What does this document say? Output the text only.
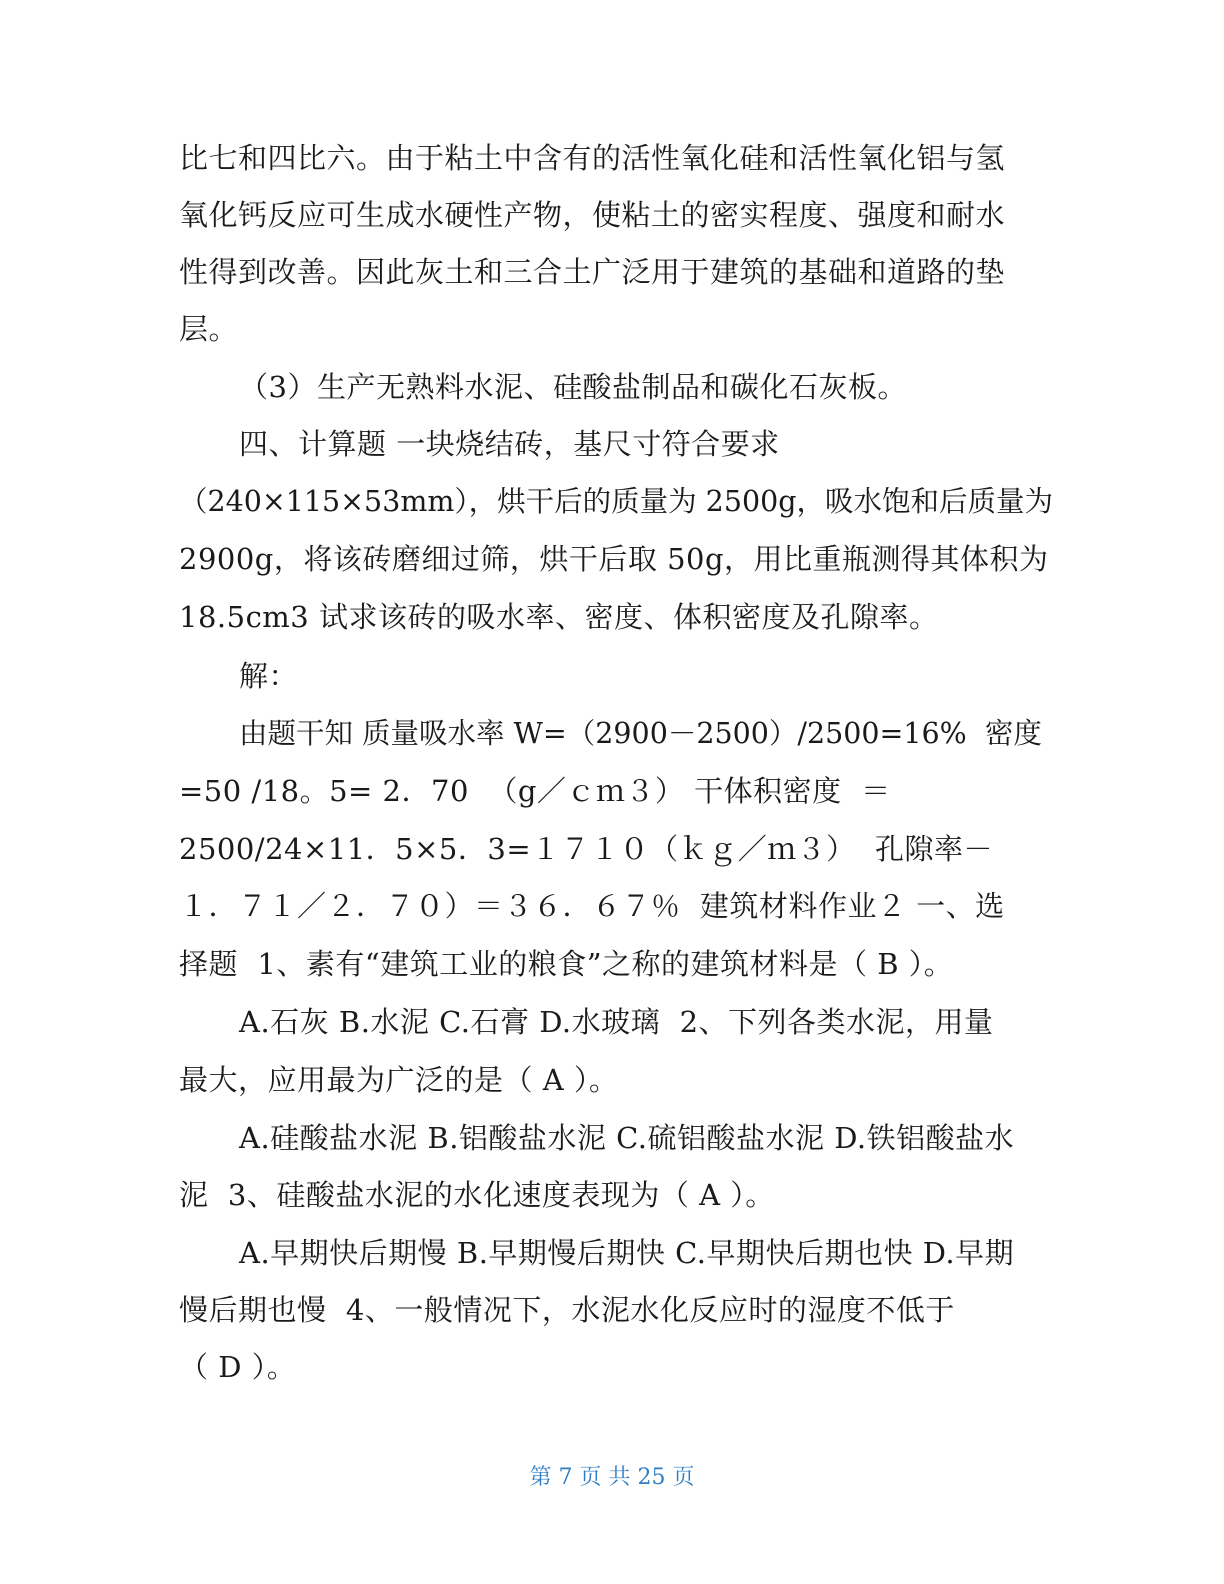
比七和四比六。由于粘土中含有的活性氧化硅和活性氧化铝与氢
氧化钙反应可生成水硬性产物，使粘土的密实程度、强度和耐水
性得到改善。因此灰土和三合土广泛用于建筑的基础和道路的垫
层。
（3）生产无熟料水泥、硅酸盐制品和碳化石灰板。
四、计算题 一块烧结砖，基尺寸符合要求
（240×115×53mm），烘干后的质量为 2500g，吸水饱和后质量为
2900g，将该砖磨细过筛，烘干后取 50g，用比重瓶测得其体积为
18.5cm3 试求该砖的吸水率、密度、体积密度及孔隙率。
解：
由题干知 质量吸水率 W=（2900－2500）/2500=16%  密度
=50 /18。5= 2．70  （g／ｃｍ３） 干体积密度  ＝
2500/24×11．5×5．3=１７１０（ｋｇ／ｍ３）  孔隙率－
１．７１／２．７０）＝３６．６７％  建筑材料作业２ 一、选
择题  1、素有“建筑工业的粮食”之称的建筑材料是（ B ）。
A.石灰 B.水泥 C.石膏 D.水玻璃  2、下列各类水泥，用量
最大，应用最为广泛的是（ A ）。
A.硅酸盐水泥 B.铝酸盐水泥 C.硫铝酸盐水泥 D.铁铝酸盐水
泥  3、硅酸盐水泥的水化速度表现为（ A ）。
A.早期快后期慢 B.早期慢后期快 C.早期快后期也快 D.早期
慢后期也慢  4、一般情况下，水泥水化反应时的湿度不低于
（ D ）。
第 7 页 共 25 页
